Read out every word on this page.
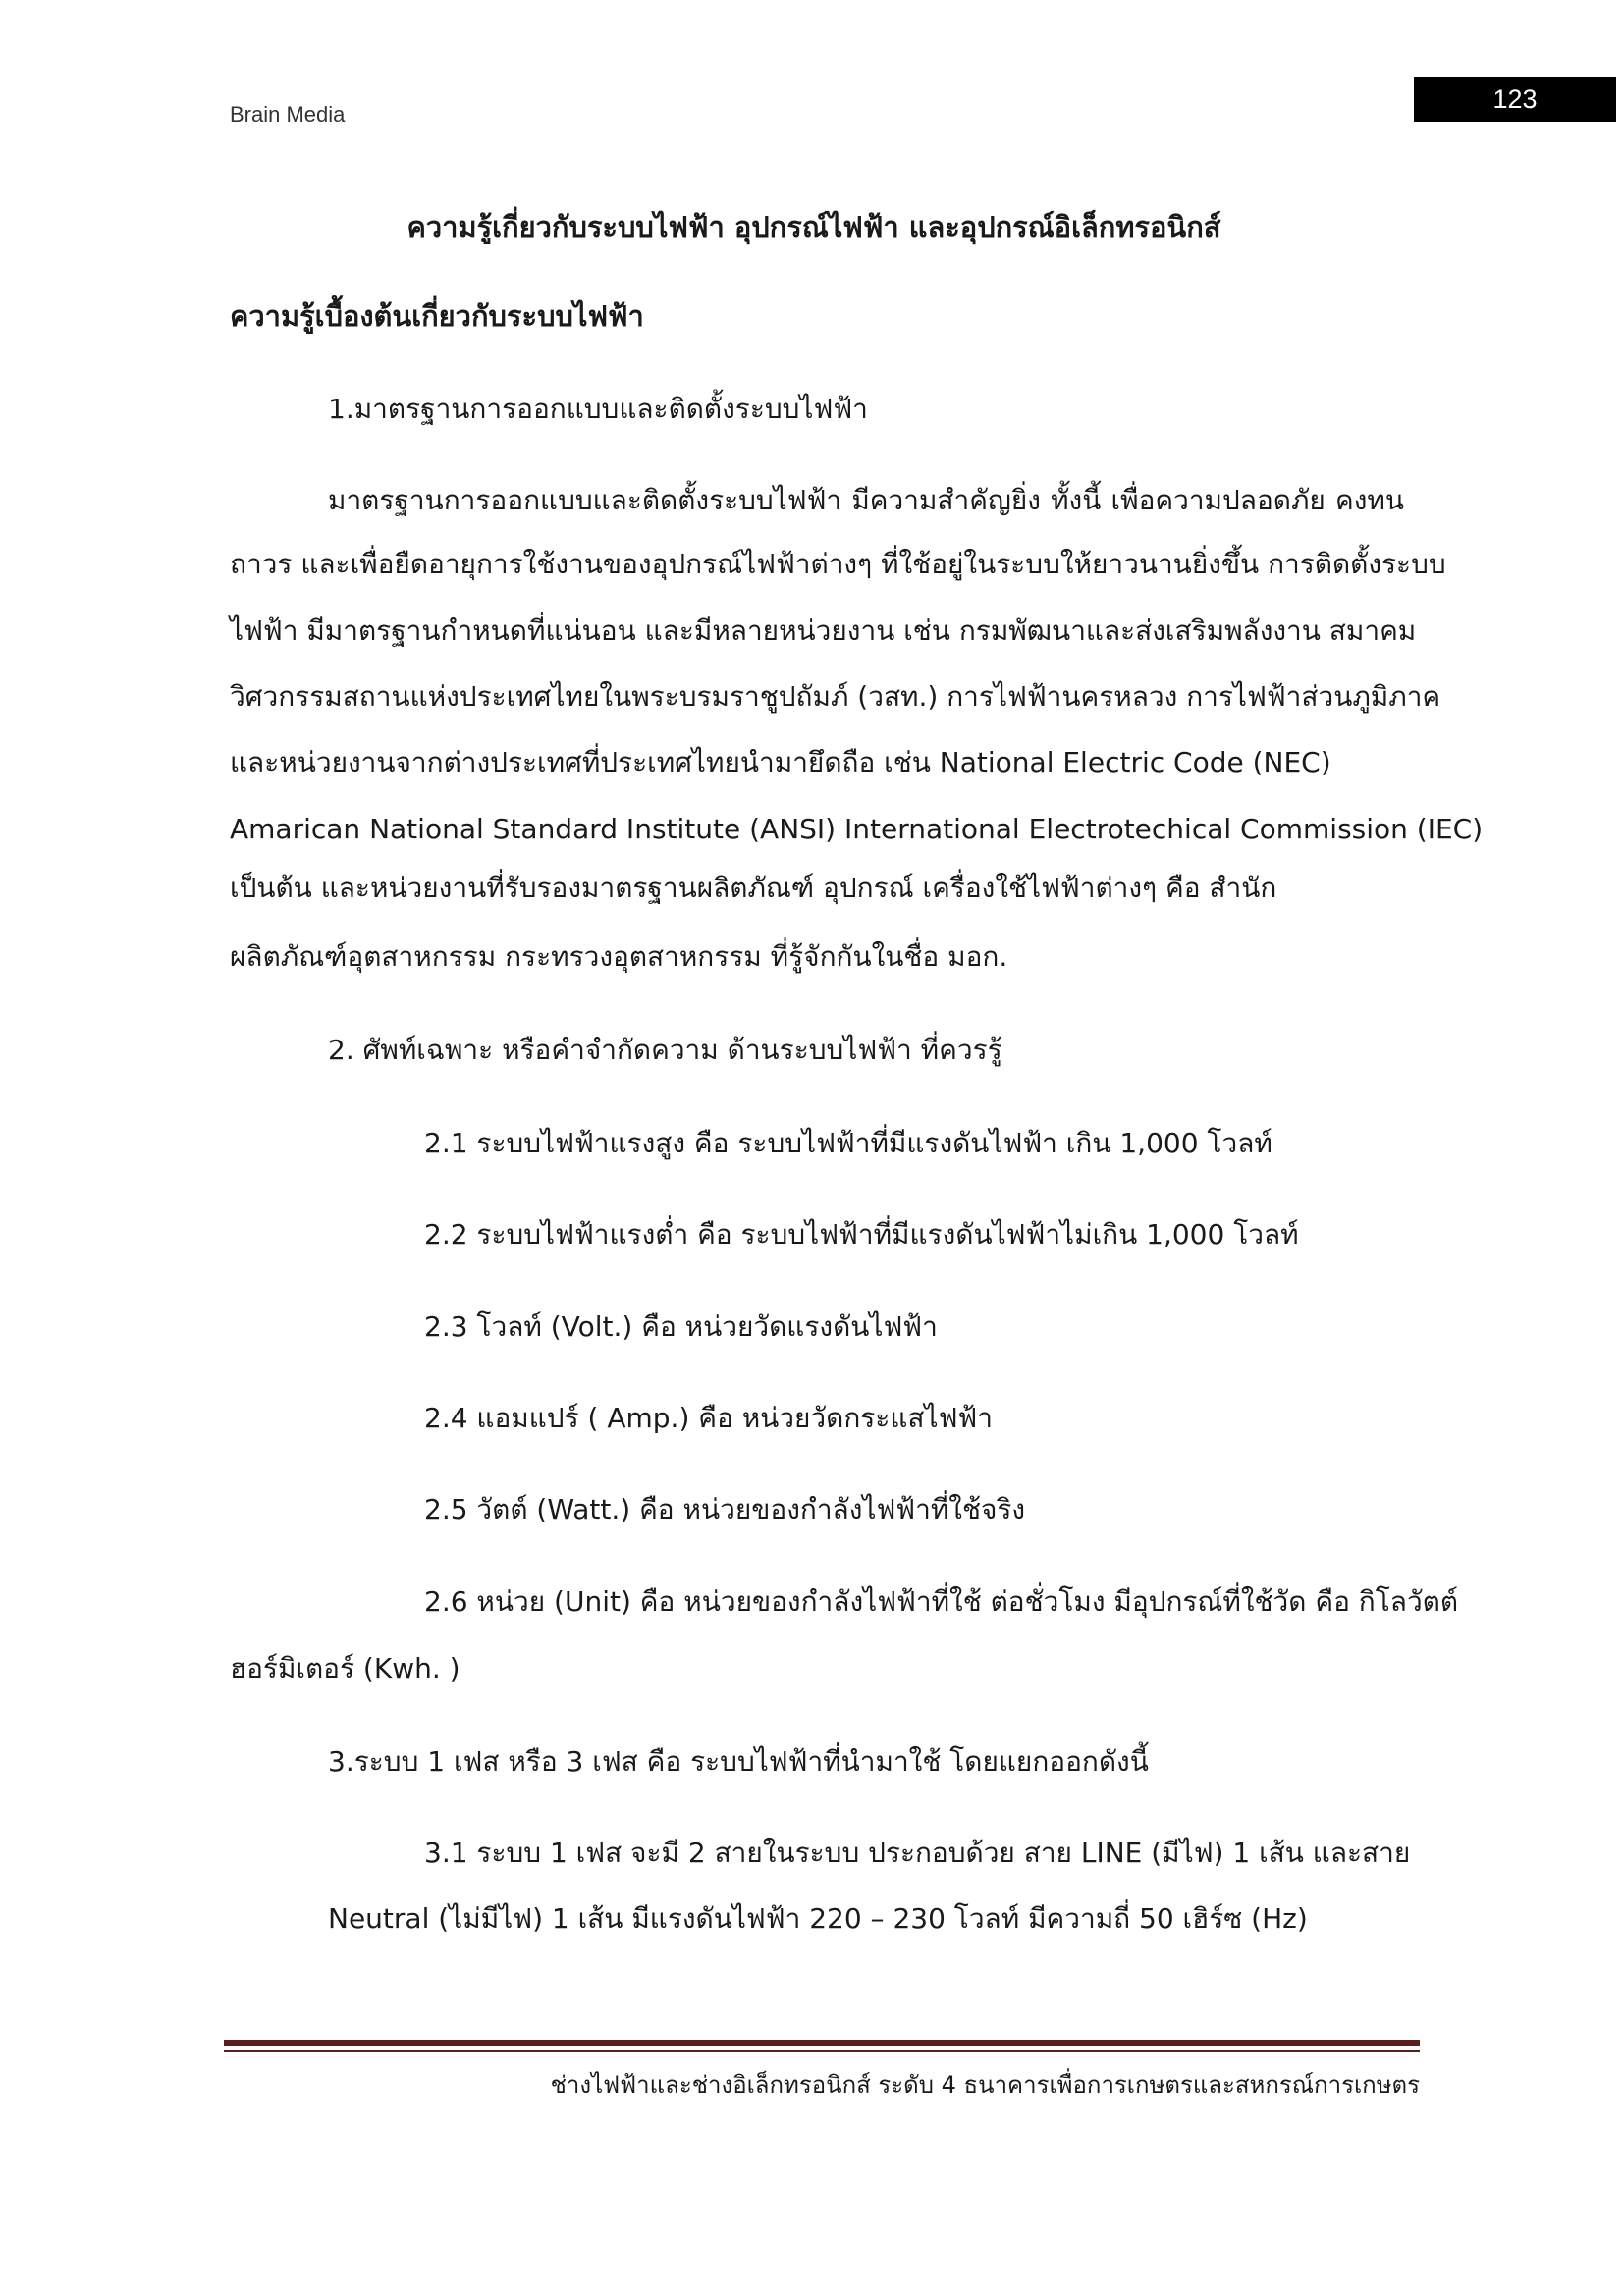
Brain Media
123
ความรู้เกี่ยวกับระบบไฟฟ้า อุปกรณ์ไฟฟ้า และอุปกรณ์อิเล็กทรอนิกส์
ความรู้เบื้องต้นเกี่ยวกับระบบไฟฟ้า
1.มาตรฐานการออกแบบและติดตั้งระบบไฟฟ้า
มาตรฐานการออกแบบและติดตั้งระบบไฟฟ้า มีความสำคัญยิ่ง ทั้งนี้ เพื่อความปลอดภัย คงทน
ถาวร และเพื่อยืดอายุการใช้งานของอุปกรณ์ไฟฟ้าต่างๆ ที่ใช้อยู่ในระบบให้ยาวนานยิ่งขึ้น การติดตั้งระบบ
ไฟฟ้า มีมาตรฐานกำหนดที่แน่นอน และมีหลายหน่วยงาน เช่น กรมพัฒนาและส่งเสริมพลังงาน สมาคม
วิศวกรรมสถานแห่งประเทศไทยในพระบรมราชูปถัมภ์ (วสท.) การไฟฟ้านครหลวง การไฟฟ้าส่วนภูมิภาค
และหน่วยงานจากต่างประเทศที่ประเทศไทยนำมายึดถือ เช่น National Electric Code (NEC)
Amarican National Standard Institute (ANSI) International Electrotechical Commission (IEC)
เป็นต้น และหน่วยงานที่รับรองมาตรฐานผลิตภัณฑ์ อุปกรณ์ เครื่องใช้ไฟฟ้าต่างๆ คือ สำนัก
ผลิตภัณฑ์อุตสาหกรรม กระทรวงอุตสาหกรรม ที่รู้จักกันในชื่อ มอก.
2. ศัพท์เฉพาะ หรือคำจำกัดความ ด้านระบบไฟฟ้า ที่ควรรู้
2.1 ระบบไฟฟ้าแรงสูง คือ ระบบไฟฟ้าที่มีแรงดันไฟฟ้า เกิน 1,000 โวลท์
2.2 ระบบไฟฟ้าแรงต่ำ คือ ระบบไฟฟ้าที่มีแรงดันไฟฟ้าไม่เกิน 1,000 โวลท์
2.3 โวลท์ (Volt.) คือ หน่วยวัดแรงดันไฟฟ้า
2.4 แอมแปร์ ( Amp.) คือ หน่วยวัดกระแสไฟฟ้า
2.5 วัตต์ (Watt.) คือ หน่วยของกำลังไฟฟ้าที่ใช้จริง
2.6 หน่วย (Unit) คือ หน่วยของกำลังไฟฟ้าที่ใช้ ต่อชั่วโมง มีอุปกรณ์ที่ใช้วัด คือ กิโลวัตต์
ฮอร์มิเตอร์ (Kwh. )
3.ระบบ 1 เฟส หรือ 3 เฟส คือ ระบบไฟฟ้าที่นำมาใช้ โดยแยกออกดังนี้
3.1 ระบบ 1 เฟส จะมี 2 สายในระบบ ประกอบด้วย สาย LINE (มีไฟ) 1 เส้น และสาย
Neutral (ไม่มีไฟ) 1 เส้น มีแรงดันไฟฟ้า 220 – 230 โวลท์ มีความถี่ 50 เฮิร์ซ (Hz)
ช่างไฟฟ้าและช่างอิเล็กทรอนิกส์ ระดับ 4 ธนาคารเพื่อการเกษตรและสหกรณ์การเกษตร
